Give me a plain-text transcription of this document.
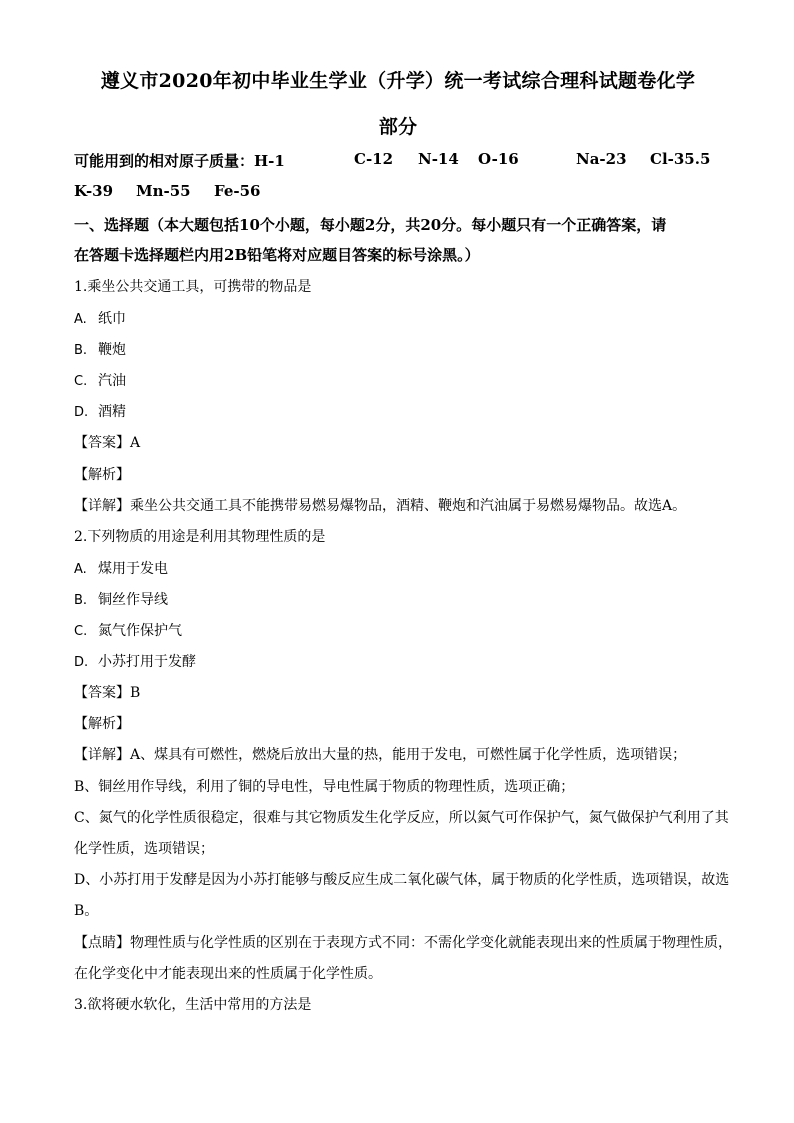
遵义市2020年初中毕业生学业（升学）统一考试综合理科试题卷化学
部分
可能用到的相对原子质量：H-1	C-12 N-14 O-16	Na-23 Cl-35.5
K-39 Mn-55 Fe-56
一、选择题（本大题包括10个小题，每小题2分，共20分。每小题只有一个正确答案，请
在答题卡选择题栏内用2B铅笔将对应题目答案的标号涂黑。）
1.乘坐公共交通工具，可携带的物品是
A. 纸巾
B. 鞭炮
C. 汽油
D. 酒精
【答案】A
【解析】
【详解】乘坐公共交通工具不能携带易燃易爆物品，酒精、鞭炮和汽油属于易燃易爆物品。故选A。
2.下列物质的用途是利用其物理性质的是
A. 煤用于发电
B. 铜丝作导线
C. 氮气作保护气
D. 小苏打用于发酵
【答案】B
【解析】
【详解】A、煤具有可燃性，燃烧后放出大量的热，能用于发电，可燃性属于化学性质，选项错误；
B、铜丝用作导线，利用了铜的导电性，导电性属于物质的物理性质，选项正确；
C、氮气的化学性质很稳定，很难与其它物质发生化学反应，所以氮气可作保护气，氮气做保护气利用了其
化学性质，选项错误；
D、小苏打用于发酵是因为小苏打能够与酸反应生成二氧化碳气体，属于物质的化学性质，选项错误，故选
B。
【点睛】物理性质与化学性质的区别在于表现方式不同：不需化学变化就能表现出来的性质属于物理性质，
在化学变化中才能表现出来的性质属于化学性质。
3.欲将硬水软化，生活中常用的方法是
